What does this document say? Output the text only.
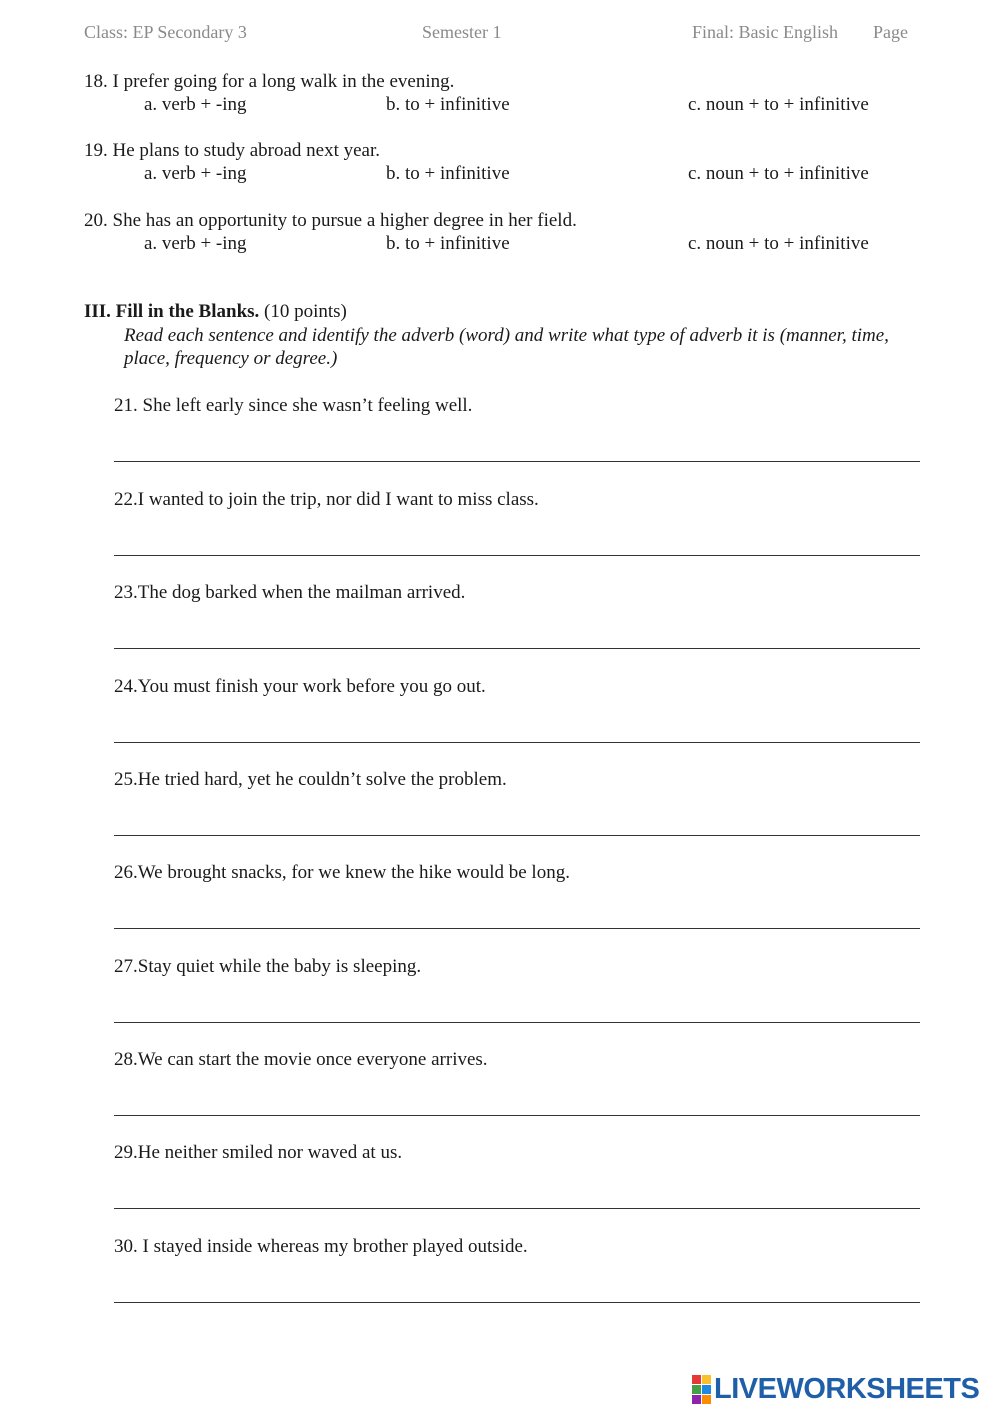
Class: EP Secondary 3	Semester 1	Final: Basic English Page
18. I prefer going for a long walk in the evening.
a. verb + -ing	b. to + infinitive	c. noun + to + infinitive
19. He plans to study abroad next year.
a. verb + -ing	b. to + infinitive	c. noun + to + infinitive
20. She has an opportunity to pursue a higher degree in her field.
a. verb + -ing	b. to + infinitive	c. noun + to + infinitive
III. Fill in the Blanks. (10 points)
Read each sentence and identify the adverb (word) and write what type of adverb it is (manner, time, place, frequency or degree.)
21. She left early since she wasn’t feeling well.
22.I wanted to join the trip, nor did I want to miss class.
23.The dog barked when the mailman arrived.
24.You must finish your work before you go out.
25.He tried hard, yet he couldn’t solve the problem.
26.We brought snacks, for we knew the hike would be long.
27.Stay quiet while the baby is sleeping.
28.We can start the movie once everyone arrives.
29.He neither smiled nor waved at us.
30. I stayed inside whereas my brother played outside.
LIVEWORKSHEETS
